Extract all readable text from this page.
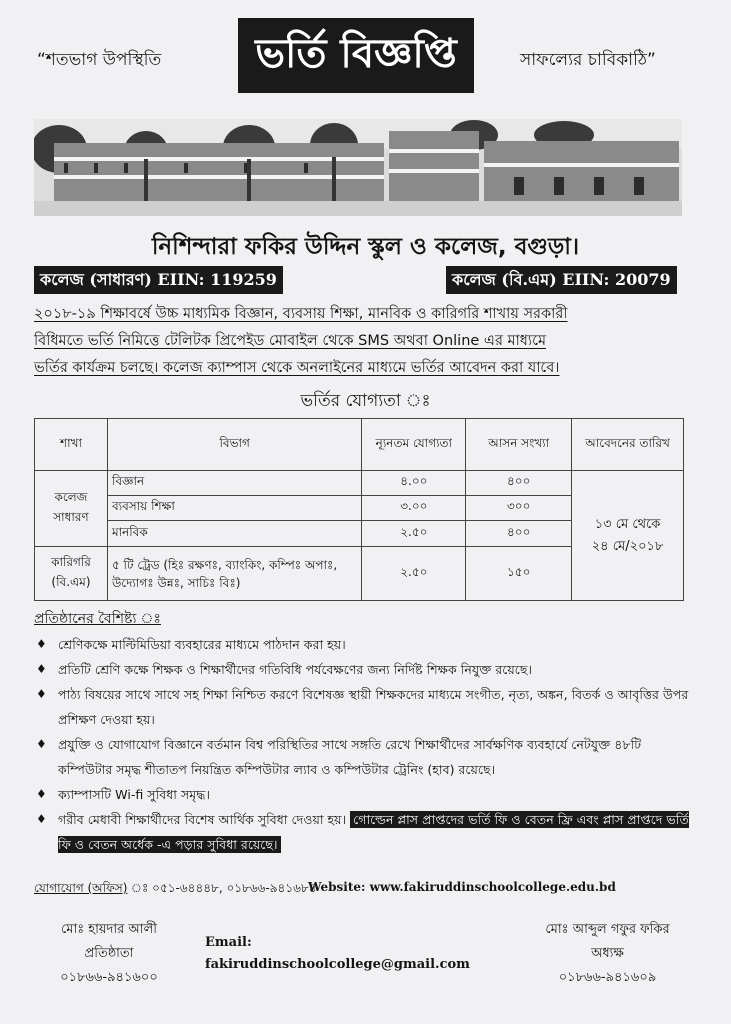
“শতভাগ উপস্থিতি	ভর্তি বিজ্ঞপ্তি	সাফল্যের চাবিকাঠি”
নিশিন্দারা ফকির উদ্দিন স্কুল ও কলেজ, বগুড়া।
কলেজ (সাধারণ) EIIN: 119259	কলেজ (বি.এম) EIIN: 20079
২০১৮-১৯ শিক্ষাবর্ষে উচ্চ মাধ্যমিক বিজ্ঞান, ব্যবসায় শিক্ষা, মানবিক ও কারিগরি শাখায় সরকারী
বিধিমতে ভর্তি নিমিত্তে টেলিটক প্রিপেইড মোবাইল থেকে SMS অথবা Online এর মাধ্যমে
ভর্তির কার্যক্রম চলছে। কলেজ ক্যাম্পাস থেকে অনলাইনের মাধ্যমে ভর্তির আবেদন করা যাবে।
ভর্তির যোগ্যতা ঃ
শাখা	বিভাগ	ন্যূনতম যোগ্যতা	আসন সংখ্যা	আবেদনের তারিখ
কলেজ সাধারণ	বিজ্ঞান	৪.০০	৪০০	১৩ মে থেকে ২৪ মে/২০১৮
	ব্যবসায় শিক্ষা	৩.০০	৩০০	
	মানবিক	২.৫০	৪০০	
কারিগরি (বি.এম)	৫ টি ট্রেড (হিঃ রক্ষণঃ, ব্যাংকিং, কম্পিঃ অপাঃ, উদ্যোগঃ উন্নঃ, সাচিঃ বিঃ)	২.৫০	১৫০	
প্রতিষ্ঠানের বৈশিষ্ট্য ঃ
♦ শ্রেণিকক্ষে মাল্টিমিডিয়া ব্যবহারের মাধ্যমে পাঠদান করা হয়।
♦ প্রতিটি শ্রেণি কক্ষে শিক্ষক ও শিক্ষার্থীদের গতিবিধি পর্যবেক্ষণের জন্য নির্দিষ্ট শিক্ষক নিযুক্ত রয়েছে।
♦ পাঠ্য বিষয়ের সাথে সাথে সহ শিক্ষা নিশ্চিত করণে বিশেষজ্ঞ স্থায়ী শিক্ষকদের মাধ্যমে সংগীত, নৃত্য, অঙ্কন, বিতর্ক ও আবৃত্তির উপর প্রশিক্ষণ দেওয়া হয়।
♦ প্রযুক্তি ও যোগাযোগ বিজ্ঞানে বর্তমান বিশ্ব পরিস্থিতির সাথে সঙ্গতি রেখে শিক্ষার্থীদের সার্বক্ষণিক ব্যবহার্যে নেটযুক্ত ৪৮টি কম্পিউটার সমৃদ্ধ শীতাতপ নিয়ন্ত্রিত কম্পিউটার ল্যাব ও কম্পিউটার ট্রেনিং (হাব) রয়েছে।
♦ ক্যাম্পাসটি Wi-fi সুবিধা সমৃদ্ধ।
♦ গরীব মেধাবী শিক্ষার্থীদের বিশেষ আর্থিক সুবিধা দেওয়া হয়। গোল্ডেন প্লাস প্রাপ্তদের ভর্তি ফি ও বেতন ফ্রি এবং প্লাস প্রাপ্তদে ভর্তি ফি ও বেতন অর্ধেক -এ পড়ার সুবিধা রয়েছে।
যোগাযোগ (অফিস) ঃ ০৫১-৬৪৪৪৮, ০১৮৬৬-৯৪১৬৮৪
Website: www.fakiruddinschoolcollege.edu.bd
মোঃ হায়দার আলী
প্রতিষ্ঠাতা
০১৮৬৬-৯৪১৬০০
Email:
fakiruddinschoolcollege@gmail.com
মোঃ আব্দুল গফুর ফকির
অধ্যক্ষ
০১৮৬৬-৯৪১৬০৯
